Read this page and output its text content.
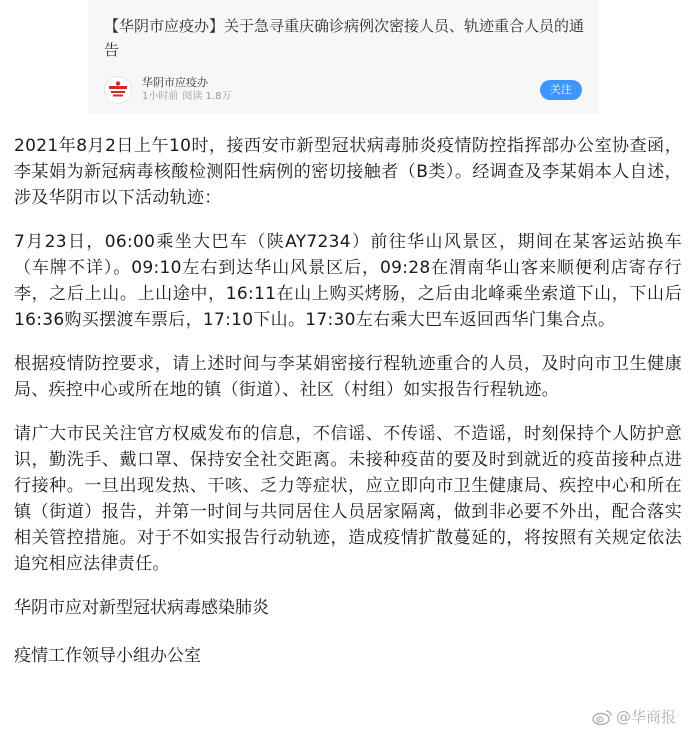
【华阴市应疫办】关于急寻重庆确诊病例次密接人员、轨迹重合人员的通告
华阴市应疫办
1小时前 阅读 1.8万
关注

2021年8月2日上午10时，接西安市新型冠状病毒肺炎疫情防控指挥部办公室协查函，李某娟为新冠病毒核酸检测阳性病例的密切接触者（B类）。经调查及李某娟本人自述，涉及华阴市以下活动轨迹：

7月23日，06:00乘坐大巴车（陕AY7234）前往华山风景区，期间在某客运站换车（车牌不详）。09:10左右到达华山风景区后，09:28在渭南华山客来顺便利店寄存行李，之后上山。上山途中，16:11在山上购买烤肠，之后由北峰乘坐索道下山，下山后16:36购买摆渡车票后，17:10下山。17:30左右乘大巴车返回西华门集合点。

根据疫情防控要求，请上述时间与李某娟密接行程轨迹重合的人员，及时向市卫生健康局、疾控中心或所在地的镇（街道）、社区（村组）如实报告行程轨迹。

请广大市民关注官方权威发布的信息，不信谣、不传谣、不造谣，时刻保持个人防护意识，勤洗手、戴口罩、保持安全社交距离。未接种疫苗的要及时到就近的疫苗接种点进行接种。一旦出现发热、干咳、乏力等症状，应立即向市卫生健康局、疾控中心和所在镇（街道）报告，并第一时间与共同居住人员居家隔离，做到非必要不外出，配合落实相关管控措施。对于不如实报告行动轨迹，造成疫情扩散蔓延的，将按照有关规定依法追究相应法律责任。

华阴市应对新型冠状病毒感染肺炎

疫情工作领导小组办公室

@华商报
